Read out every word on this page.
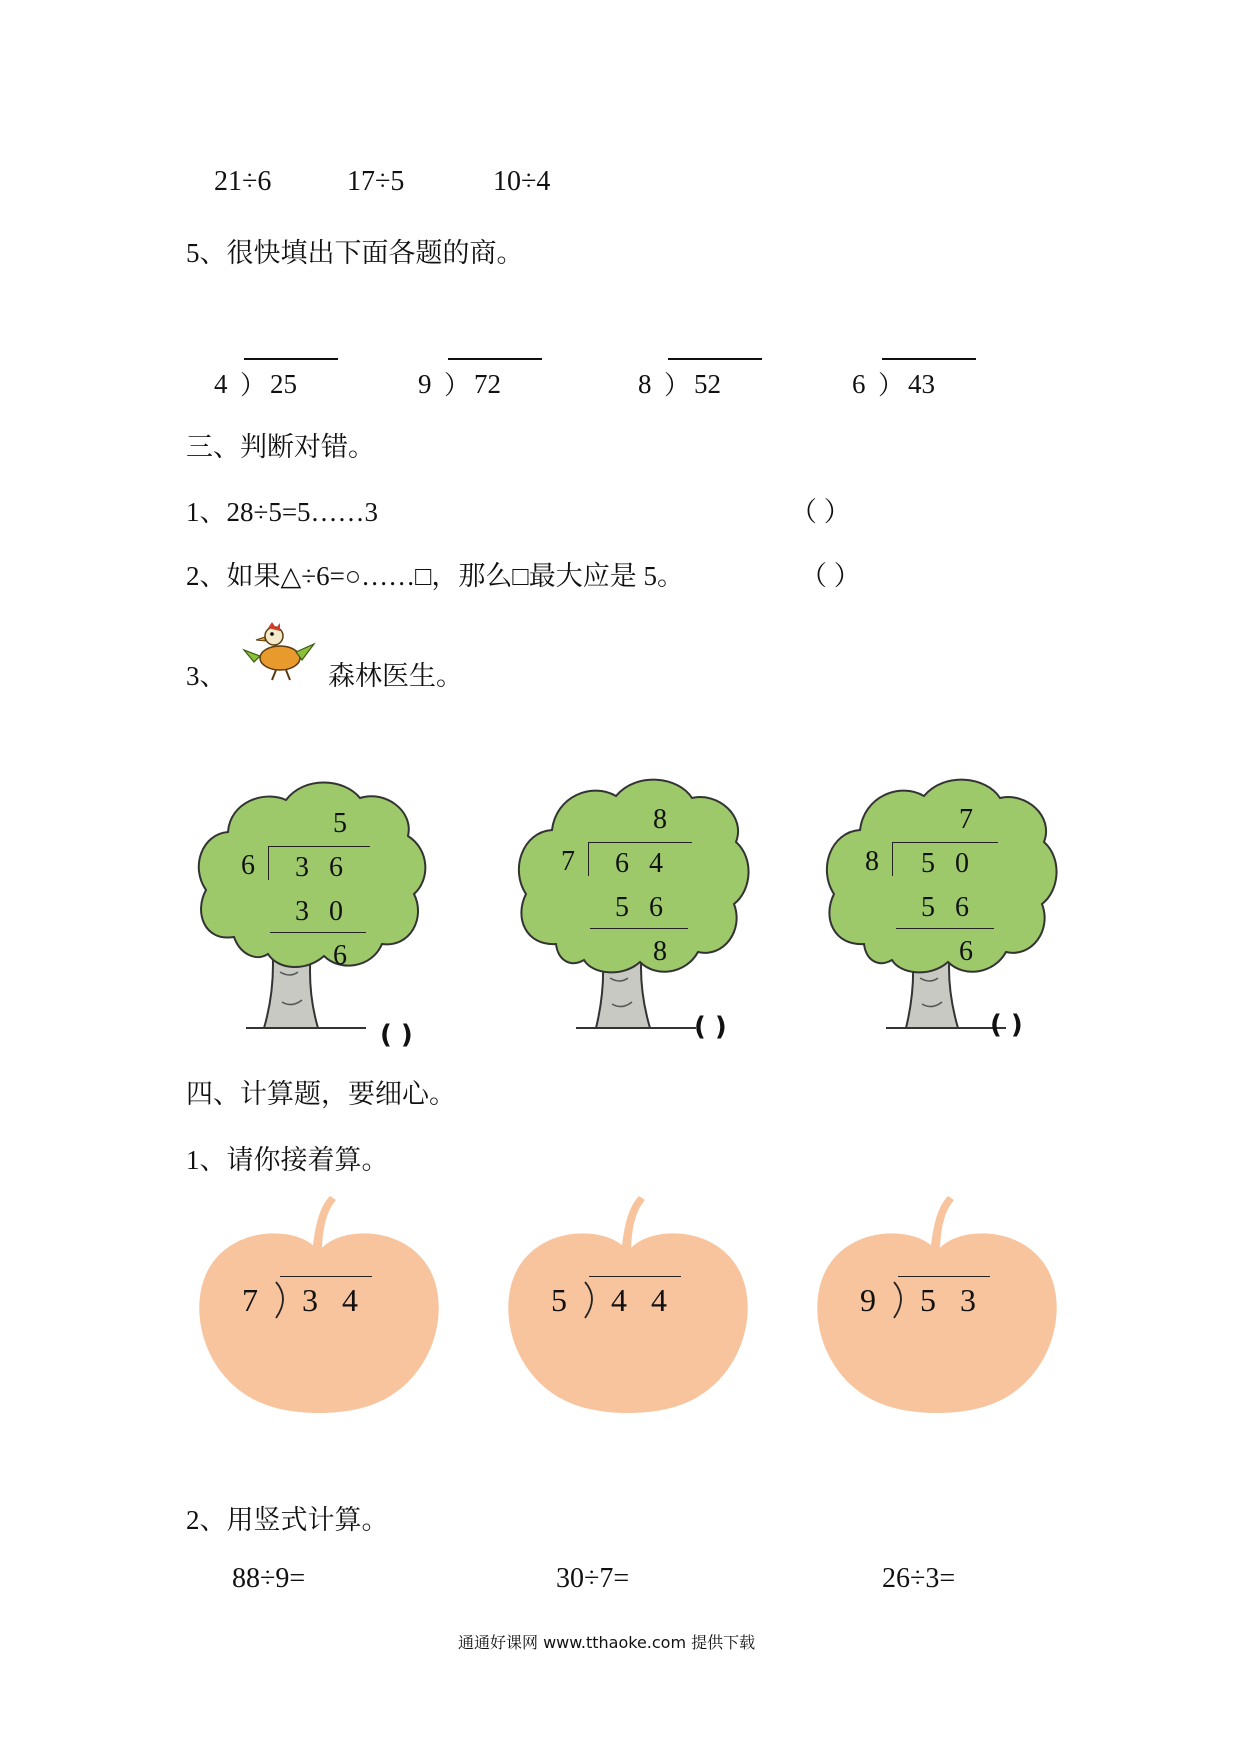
21÷6	17÷5	10÷4
5、很快填出下面各题的商。
4 ） 25	9 ） 72	8 ） 52	6 ） 43
三、判断对错。
1、28÷5=5……3	（ ）
2、如果△÷6=○……□，那么□最大应是 5。	（ ）
3、	森林医生。
5
6 3 6
3 0
6
( )
8
7 6 4
5 6
8
( )
7
8 5 0
5 6
6
( )
四、计算题，要细心。
1、请你接着算。
7 3 4	5 4 4	9 5 3
2、用竖式计算。
88÷9=	30÷7=	26÷3=
通通好课网 www.tthaoke.com 提供下载
